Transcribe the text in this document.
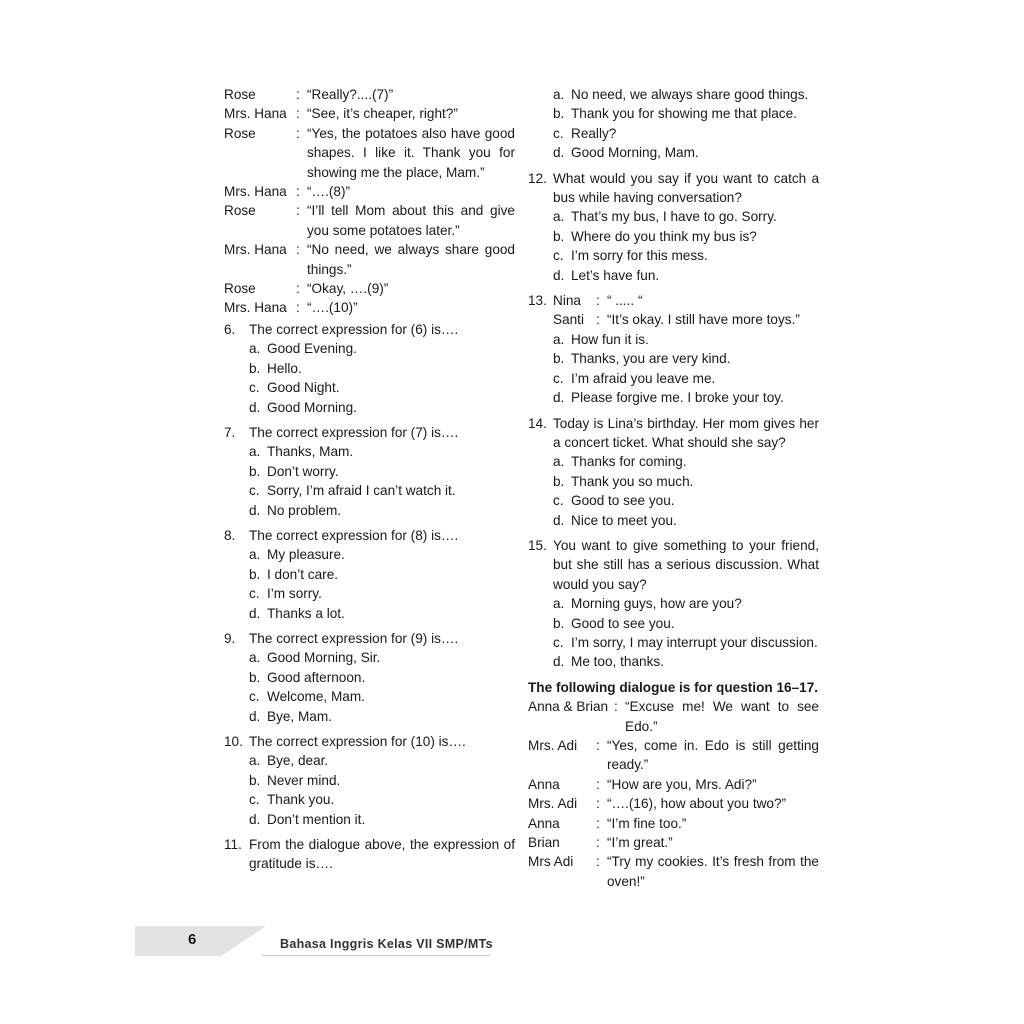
Rose	: “Really?....(7)”
Mrs. Hana : “See, it’s cheaper, right?”
Rose	: “Yes, the potatoes also have good shapes. I like it. Thank you for showing me the place, Mam.”
Mrs. Hana : “….(8)”
Rose	: “I’ll tell Mom about this and give you some potatoes later.”
Mrs. Hana : “No need, we always share good things.”
Rose	: “Okay, ….(9)”
Mrs. Hana : “….(10)”
6.	The correct expression for (6) is….
a. Good Evening.
b. Hello.
c. Good Night.
d. Good Morning.
7.	The correct expression for (7) is….
a. Thanks, Mam.
b. Don’t worry.
c. Sorry, I’m afraid I can’t watch it.
d. No problem.
8.	The correct expression for (8) is….
a. My pleasure.
b. I don’t care.
c. I’m sorry.
d. Thanks a lot.
9.	The correct expression for (9) is….
a. Good Morning, Sir.
b. Good afternoon.
c. Welcome, Mam.
d. Bye, Mam.
10. The correct expression for (10) is….
a. Bye, dear.
b. Never mind.
c. Thank you.
d. Don’t mention it.
11. From the dialogue above, the expression of gratitude is….
a. No need, we always share good things.
b. Thank you for showing me that place.
c. Really?
d. Good Morning, Mam.
12. What would you say if you want to catch a bus while having conversation?
a. That’s my bus, I have to go. Sorry.
b. Where do you think my bus is?
c. I’m sorry for this mess.
d. Let’s have fun.
13. Nina	: “ ..... “
Santi : “It’s okay. I still have more toys.”
a. How fun it is.
b. Thanks, you are very kind.
c. I’m afraid you leave me.
d. Please forgive me. I broke your toy.
14. Today is Lina’s birthday. Her mom gives her a concert ticket. What should she say?
a. Thanks for coming.
b. Thank you so much.
c. Good to see you.
d. Nice to meet you.
15. You want to give something to your friend, but she still has a serious discussion. What would you say?
a. Morning guys, how are you?
b. Good to see you.
c. I’m sorry, I may interrupt your discussion.
d. Me too, thanks.
The following dialogue is for question 16–17.
Anna & Brian : “Excuse me! We want to see Edo.”
Mrs. Adi	: “Yes, come in. Edo is still getting ready.”
Anna	: “How are you, Mrs. Adi?”
Mrs. Adi	: “….(16), how about you two?”
Anna	: “I’m fine too.”
Brian	: “I’m great.”
Mrs Adi	: “Try my cookies. It’s fresh from the oven!”
6	Bahasa Inggris Kelas VII SMP/MTs
